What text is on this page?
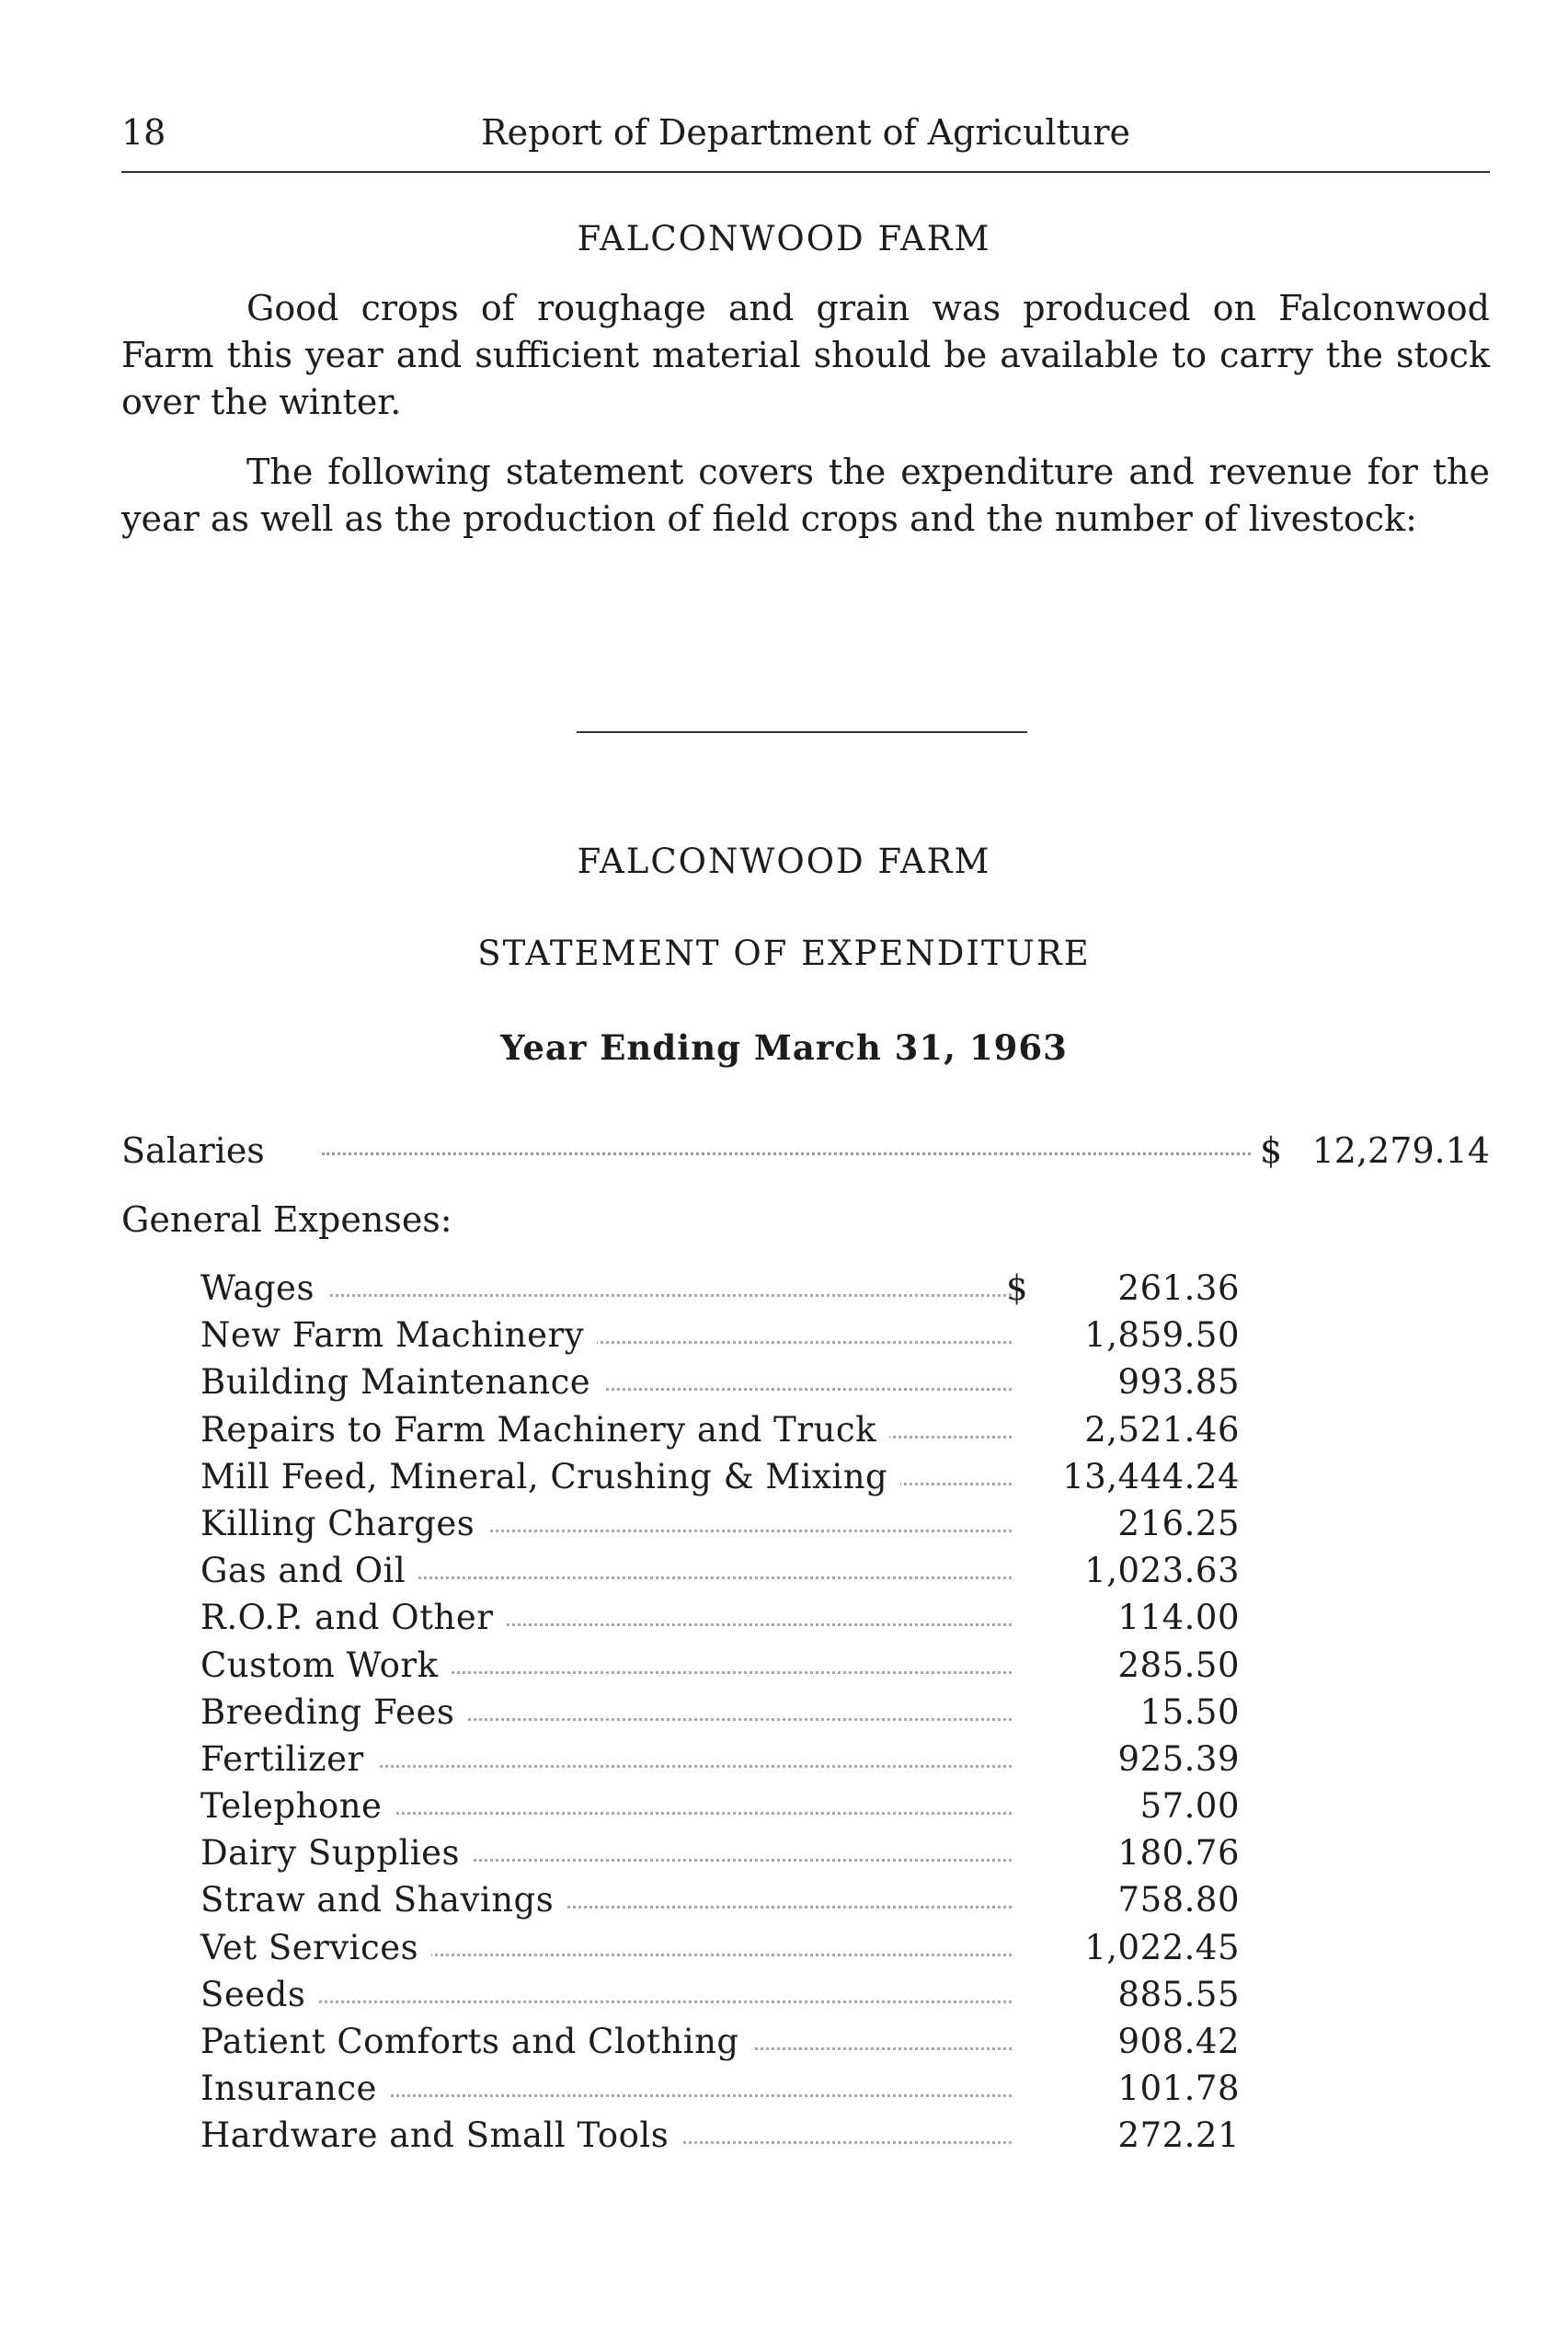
18	Report of Department of Agriculture
FALCONWOOD FARM

Good crops of roughage and grain was produced on Falconwood Farm this year and sufficient material should be available to carry the stock over the winter.

The following statement covers the expenditure and revenue for the year as well as the production of field crops and the number of livestock:

FALCONWOOD FARM
STATEMENT OF EXPENDITURE
Year Ending March 31, 1963
Salaries	$ 12,279.14
General Expenses:
Wages	$	261.36
New Farm Machinery	1,859.50
Building Maintenance	993.85
Repairs to Farm Machinery and Truck	2,521.46
Mill Feed, Mineral, Crushing & Mixing	13,444.24
Killing Charges	216.25
Gas and Oil	1,023.63
R.O.P. and Other	114.00
Custom Work	285.50
Breeding Fees	15.50
Fertilizer	925.39
Telephone	57.00
Dairy Supplies	180.76
Straw and Shavings	758.80
Vet Services	1,022.45
Seeds	885.55
Patient Comforts and Clothing	908.42
Insurance	101.78
Hardware and Small Tools	272.21
